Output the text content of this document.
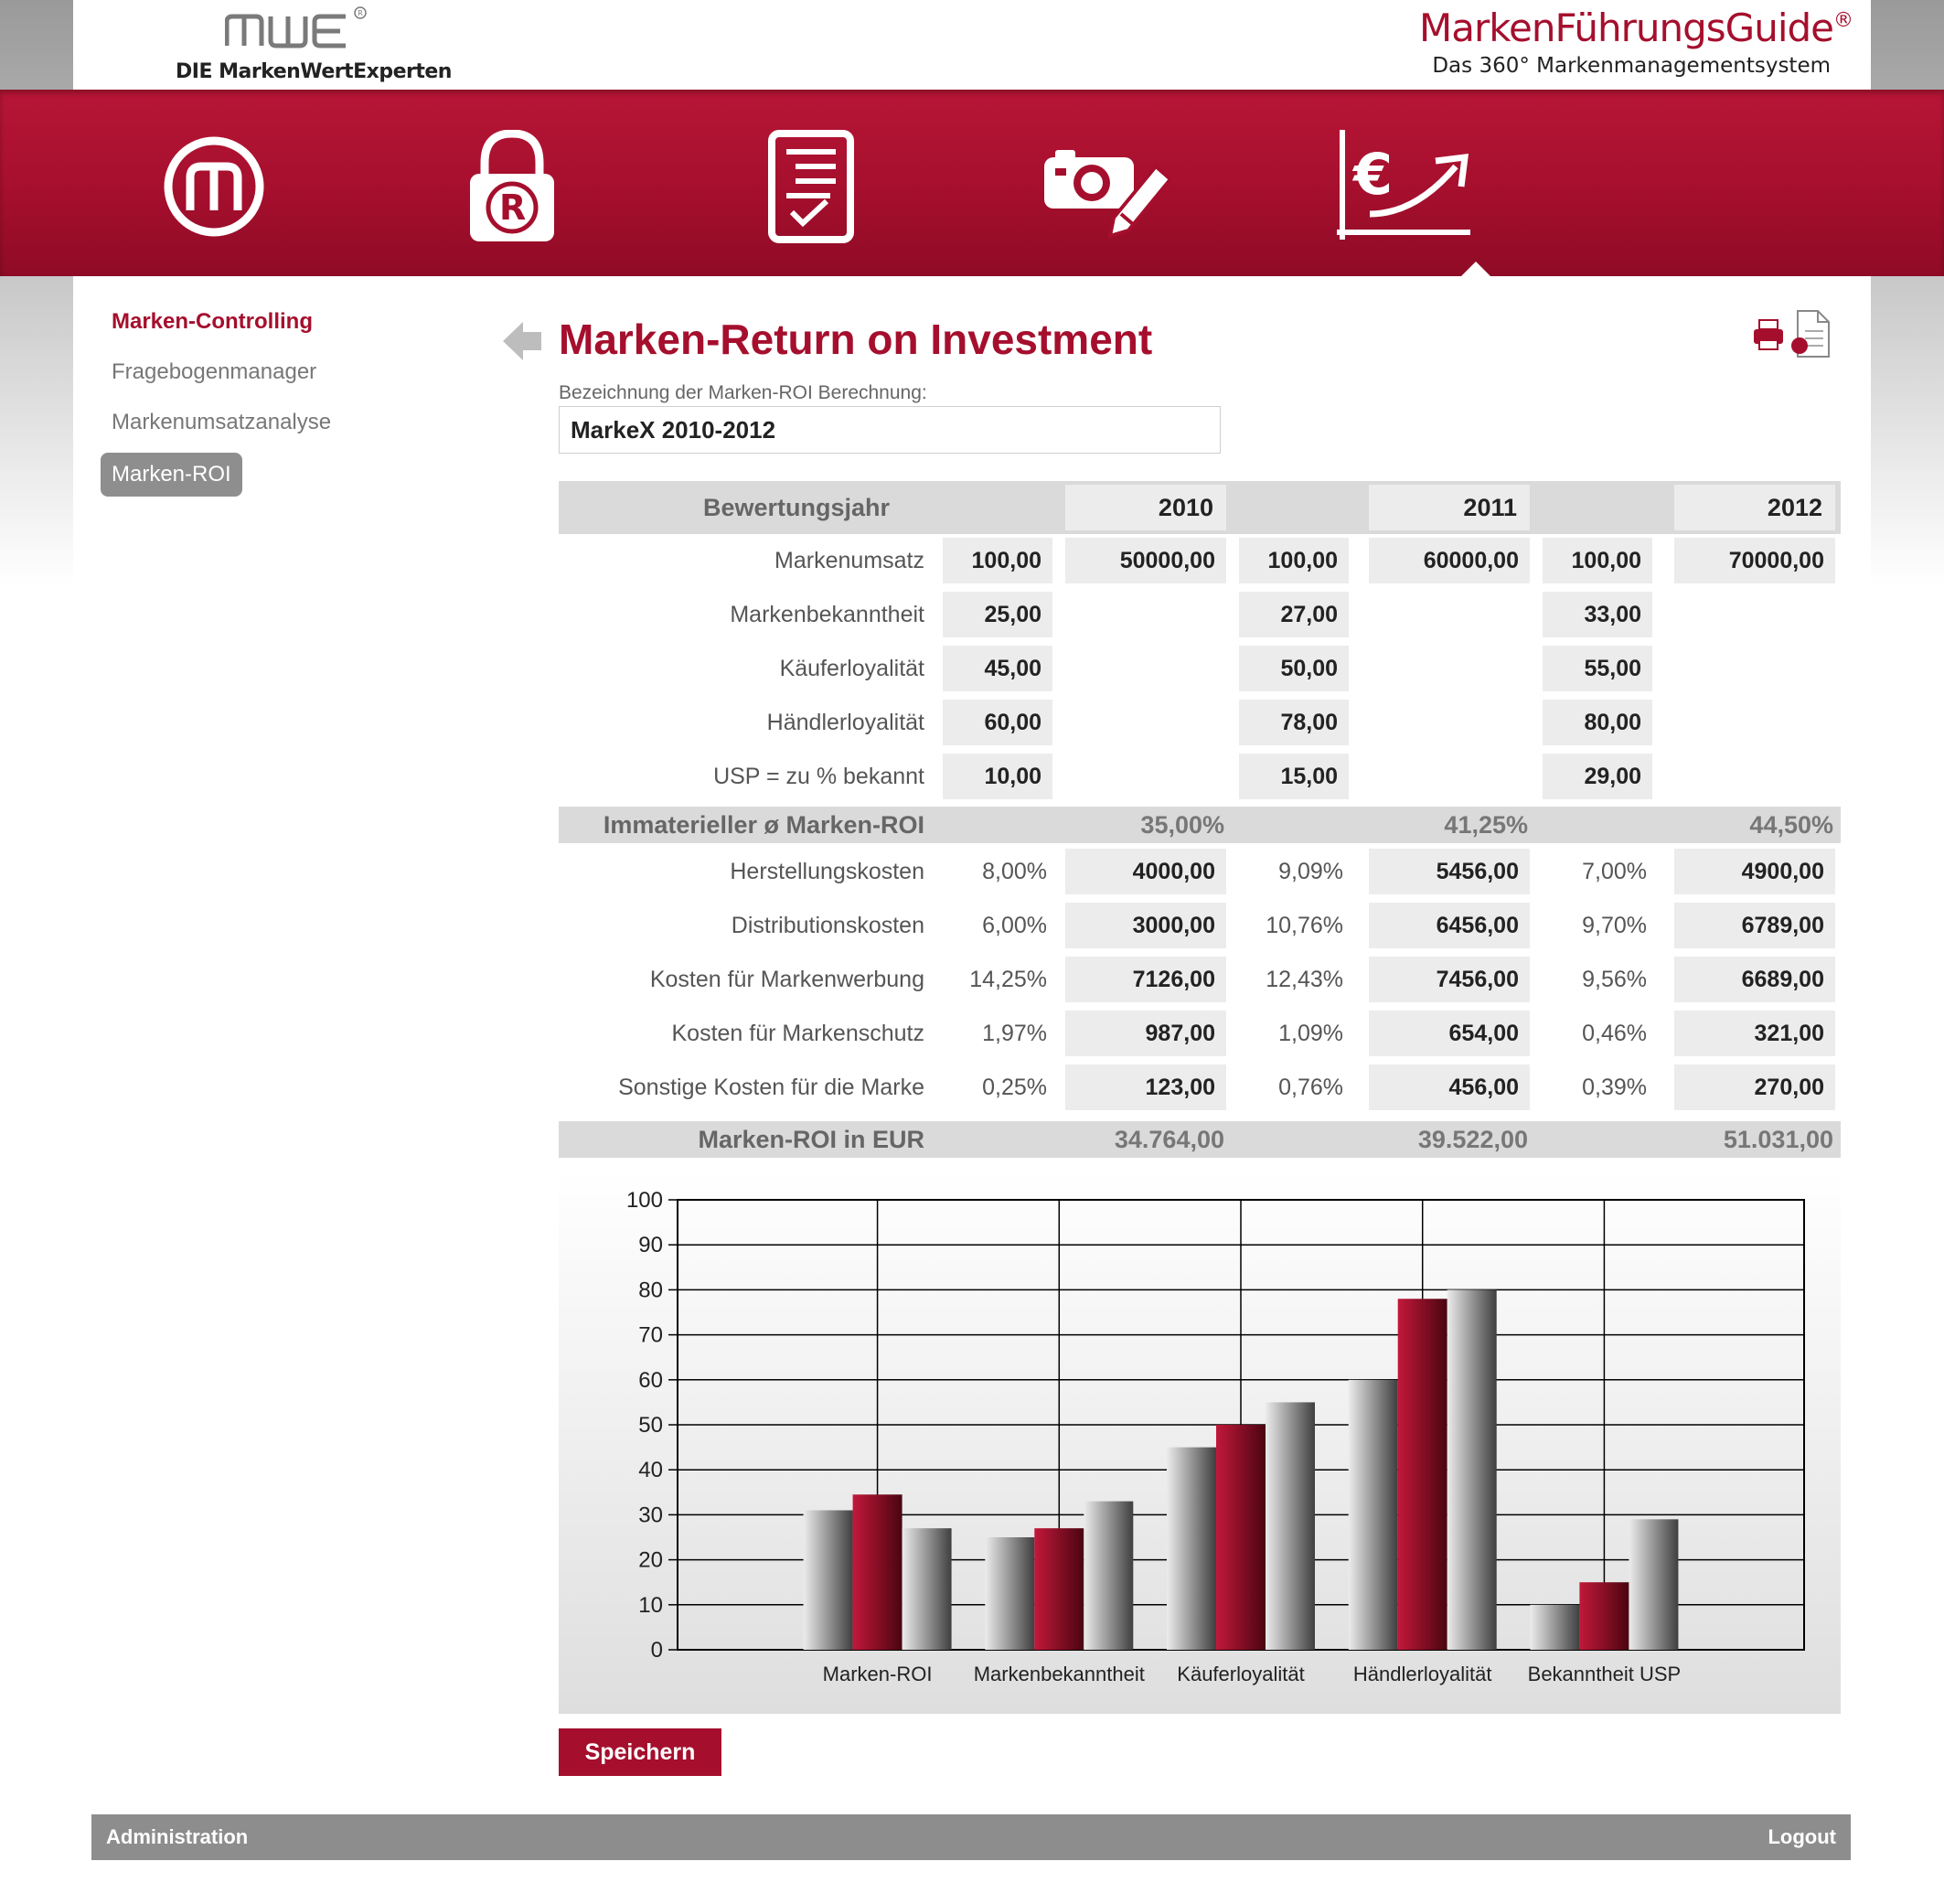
R
DIE MarkenWertExperten
MarkenFührungsGuide®
Das 360° Markenmanagementsystem
R	€
Marken-Controlling
Fragebogenmanager
Markenumsatzanalyse
Marken-ROI
Marken-Return on Investment
Bezeichnung der Marken-ROI Berechnung:
MarkeX 2010-2012
Bewertungsjahr	2010	2011	2012
Markenumsatz	100,00	50000,00	100,00	60000,00	100,00	70000,00
Markenbekanntheit	25,00	27,00	33,00
Käuferloyalität	45,00	50,00	55,00
Händlerloyalität	60,00	78,00	80,00
USP = zu % bekannt	10,00	15,00	29,00
Immaterieller ø Marken-ROI	35,00%	41,25%	44,50%
Herstellungskosten	8,00%	4000,00	9,09%	5456,00	7,00%	4900,00
Distributionskosten	6,00%	3000,00	10,76%	6456,00	9,70%	6789,00
Kosten für Markenwerbung	14,25%	7126,00	12,43%	7456,00	9,56%	6689,00
Kosten für Markenschutz	1,97%	987,00	1,09%	654,00	0,46%	321,00
Sonstige Kosten für die Marke	0,25%	123,00	0,76%	456,00	0,39%	270,00
Marken-ROI in EUR	34.764,00	39.522,00	51.031,00
0
10
20
30
40
50
60
70
80
90
100
Marken-ROI Markenbekanntheit Käuferloyalität Händlerloyalität Bekanntheit USP
Speichern
Administration	Logout
